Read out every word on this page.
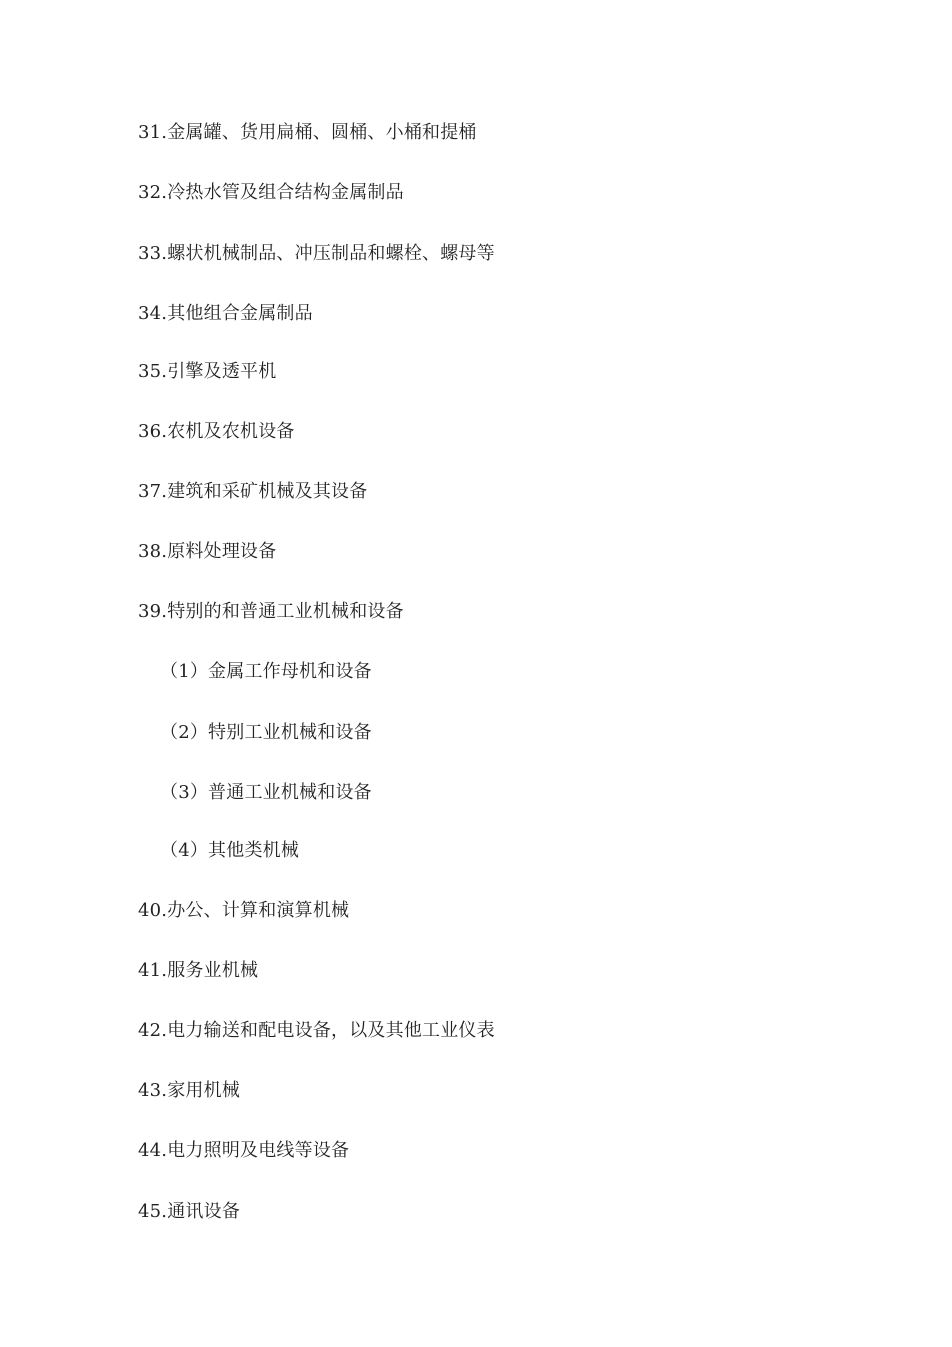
31.金属罐、货用扁桶、圆桶、小桶和提桶
32.冷热水管及组合结构金属制品
33.螺状机械制品、冲压制品和螺栓、螺母等
34.其他组合金属制品
35.引擎及透平机
36.农机及农机设备
37.建筑和采矿机械及其设备
38.原料处理设备
39.特别的和普通工业机械和设备
（1）金属工作母机和设备
（2）特别工业机械和设备
（3）普通工业机械和设备
（4）其他类机械
40.办公、计算和演算机械
41.服务业机械
42.电力输送和配电设备，以及其他工业仪表
43.家用机械
44.电力照明及电线等设备
45.通讯设备
